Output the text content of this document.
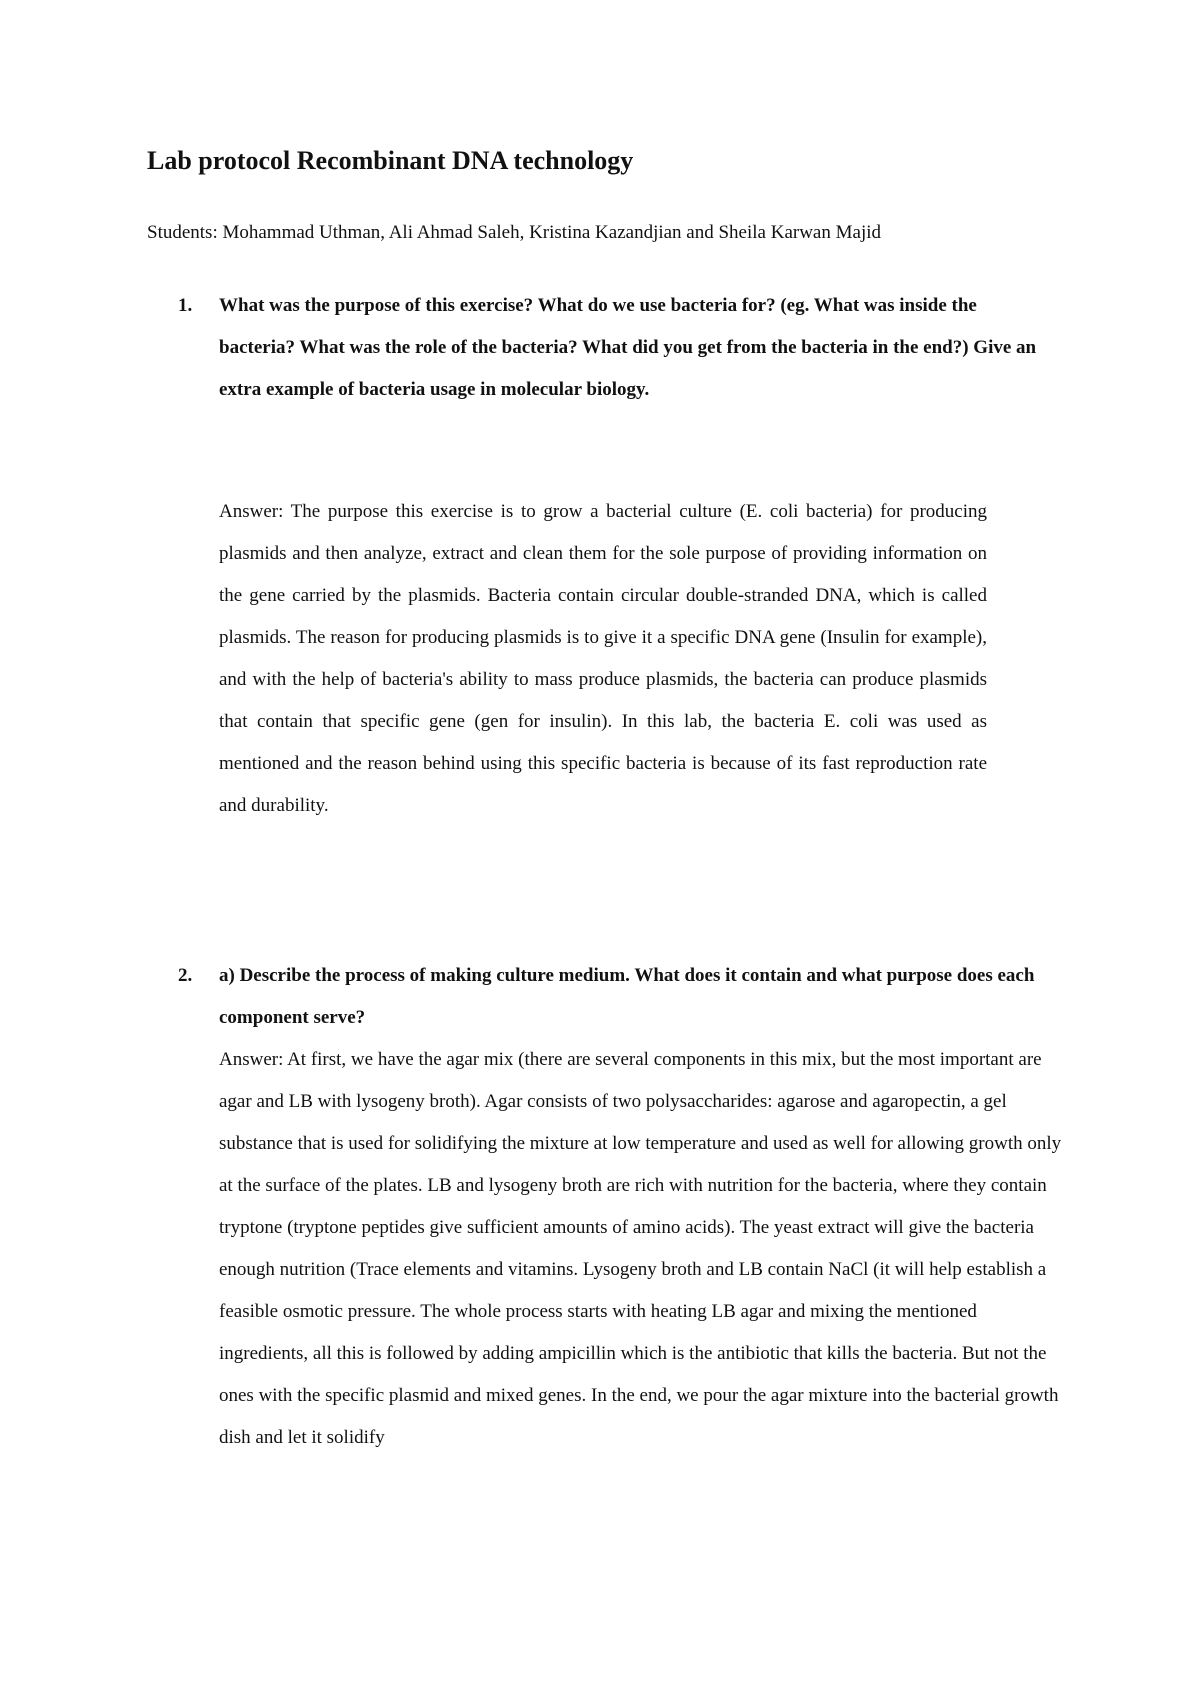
Lab protocol Recombinant DNA technology

Students: Mohammad Uthman, Ali Ahmad Saleh, Kristina Kazandjian and Sheila Karwan Majid

1. What was the purpose of this exercise? What do we use bacteria for? (eg. What was inside the bacteria? What was the role of the bacteria? What did you get from the bacteria in the end?) Give an extra example of bacteria usage in molecular biology.

Answer: The purpose this exercise is to grow a bacterial culture (E. coli bacteria) for producing plasmids and then analyze, extract and clean them for the sole purpose of providing information on the gene carried by the plasmids. Bacteria contain circular double-stranded DNA, which is called plasmids. The reason for producing plasmids is to give it a specific DNA gene (Insulin for example), and with the help of bacteria's ability to mass produce plasmids, the bacteria can produce plasmids that contain that specific gene (gen for insulin). In this lab, the bacteria E. coli was used as mentioned and the reason behind using this specific bacteria is because of its fast reproduction rate and durability.

2. a) Describe the process of making culture medium. What does it contain and what purpose does each component serve?

Answer: At first, we have the agar mix (there are several components in this mix, but the most important are agar and LB with lysogeny broth). Agar consists of two polysaccharides: agarose and agaropectin, a gel substance that is used for solidifying the mixture at low temperature and used as well for allowing growth only at the surface of the plates. LB and lysogeny broth are rich with nutrition for the bacteria, where they contain tryptone (tryptone peptides give sufficient amounts of amino acids). The yeast extract will give the bacteria enough nutrition (Trace elements and vitamins. Lysogeny broth and LB contain NaCl (it will help establish a feasible osmotic pressure. The whole process starts with heating LB agar and mixing the mentioned ingredients, all this is followed by adding ampicillin which is the antibiotic that kills the bacteria. But not the ones with the specific plasmid and mixed genes. In the end, we pour the agar mixture into the bacterial growth dish and let it solidify
